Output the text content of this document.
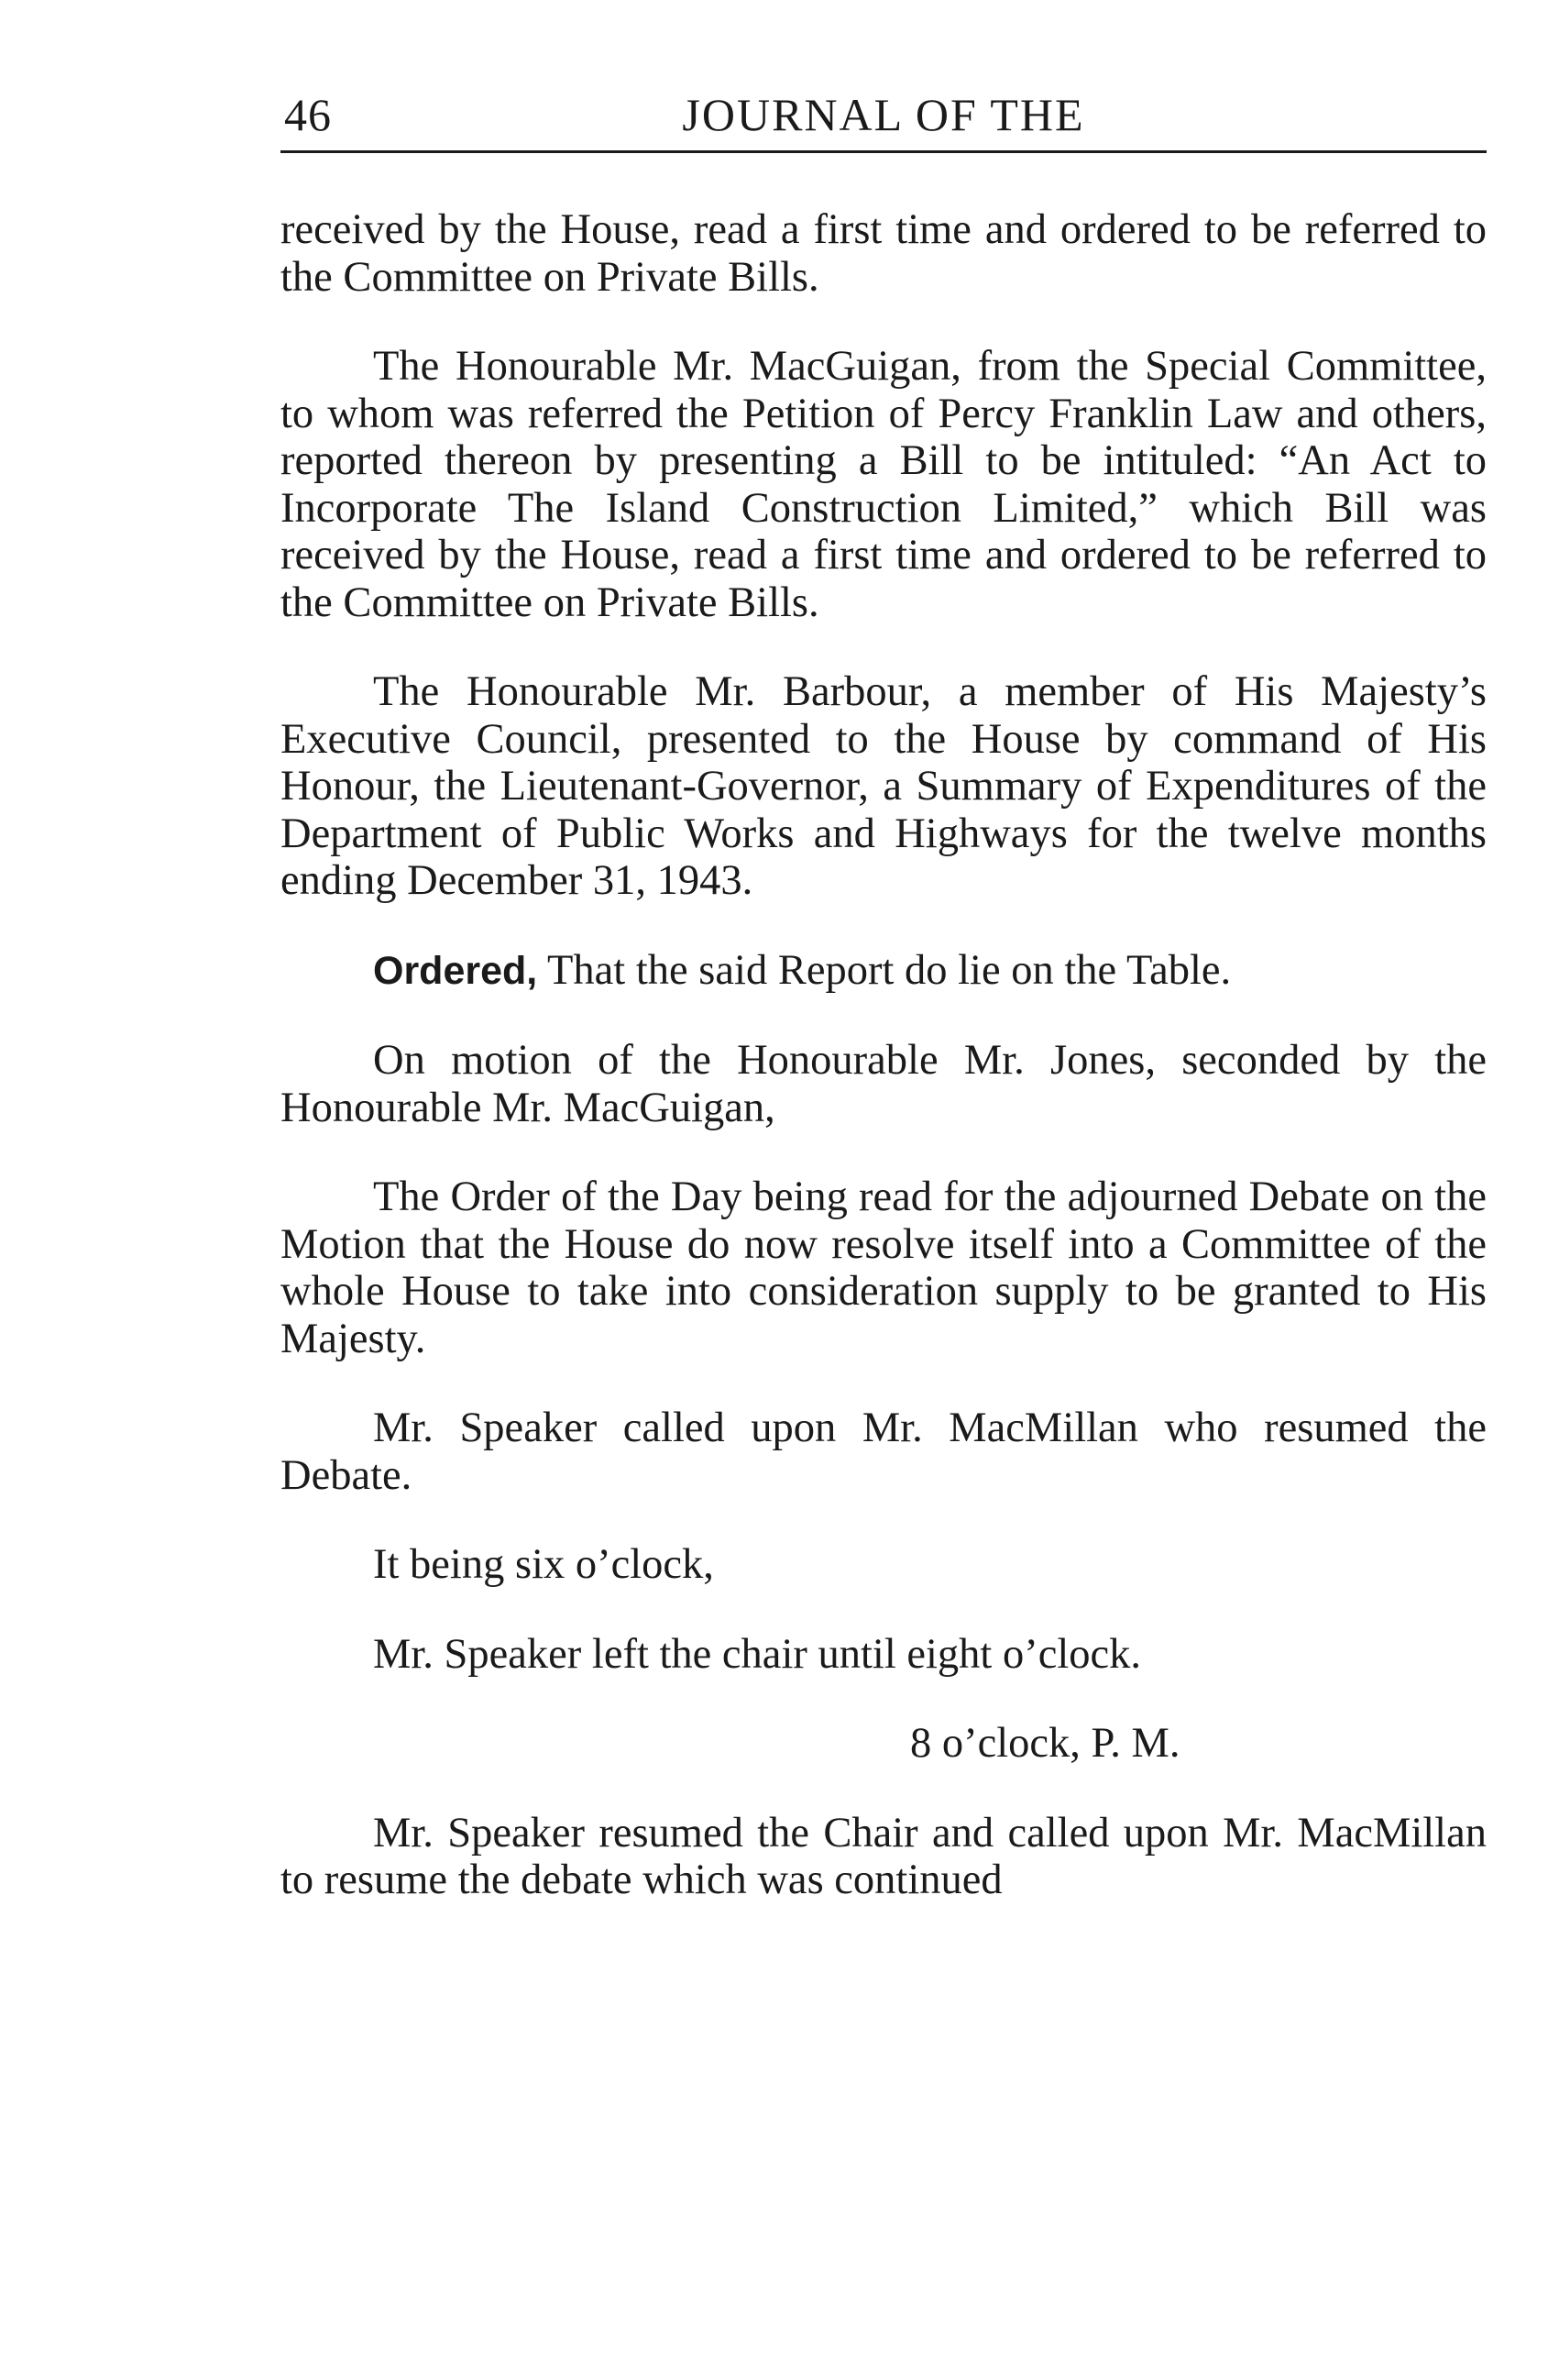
46	JOURNAL OF THE

received by the House, read a first time and ordered to be referred to the Committee on Private Bills.

The Honourable Mr. MacGuigan, from the Special Committee, to whom was referred the Petition of Percy Franklin Law and others, reported thereon by presenting a Bill to be intituled: “An Act to Incorporate The Island Construction Limited,” which Bill was received by the House, read a first time and ordered to be referred to the Committee on Private Bills.

The Honourable Mr. Barbour, a member of His Majesty’s Executive Council, presented to the House by command of His Honour, the Lieutenant-Governor, a Summary of Expenditures of the Department of Public Works and Highways for the twelve months ending December 31, 1943.

Ordered, That the said Report do lie on the Table.

On motion of the Honourable Mr. Jones, seconded by the Honourable Mr. MacGuigan,

The Order of the Day being read for the adjourned Debate on the Motion that the House do now resolve itself into a Committee of the whole House to take into consideration supply to be granted to His Majesty.

Mr. Speaker called upon Mr. MacMillan who resumed the Debate.

It being six o’clock,

Mr. Speaker left the chair until eight o’clock.

8 o’clock, P. M.

Mr. Speaker resumed the Chair and called upon Mr. MacMillan to resume the debate which was continued
